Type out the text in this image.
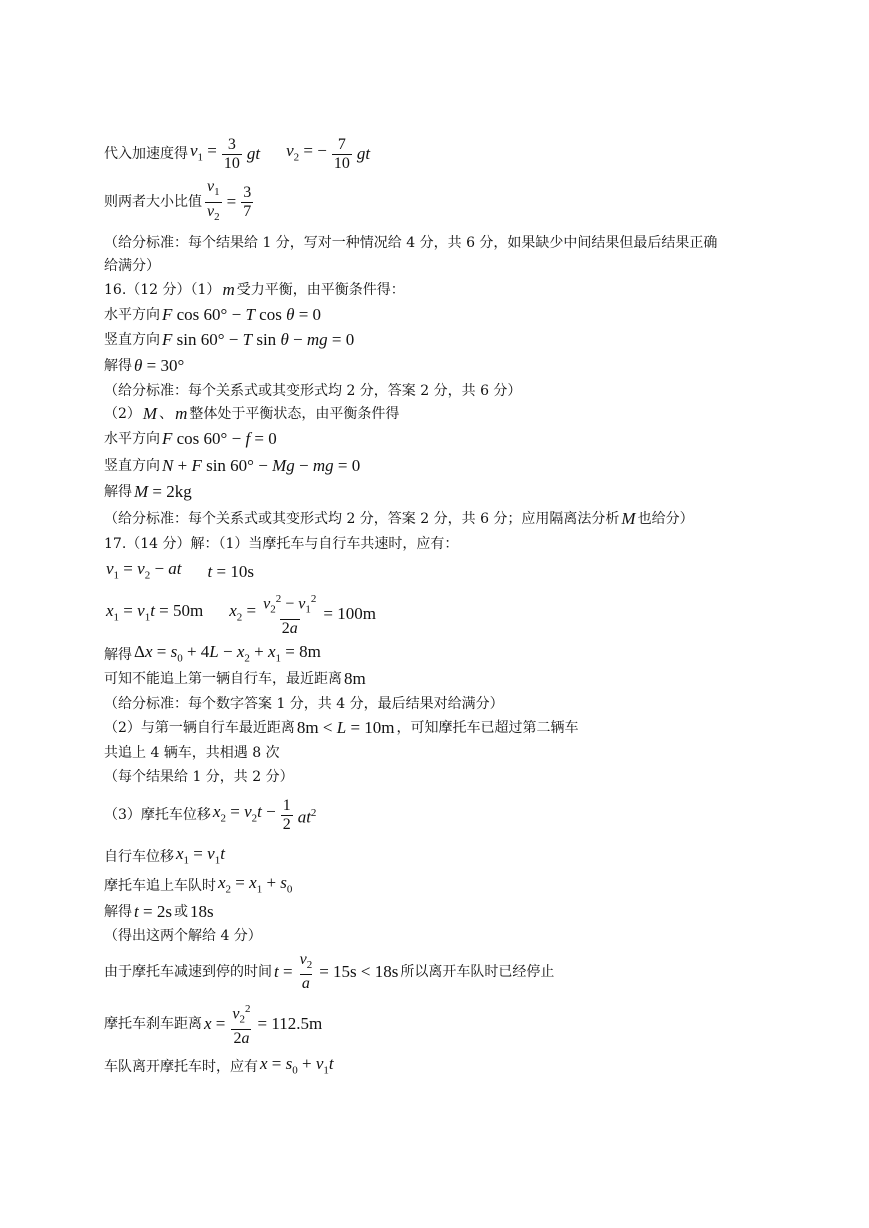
代入加速度得 $v_1 = \frac{3}{10}$ gt $v_2$ = − $\frac{7}{10}$ gt
则两者大小比值 $\frac{v_1}{v_2} = \frac{3}{7}$
（给分标准：每个结果给 1 分，写对一种情况给 4 分，共 6 分，如果缺少中间结果但最后结果正确
给满分）
16.（12 分）（1） m 受力平衡，由平衡条件得：
水平方向 F cos 60° − T cos θ = 0
竖直方向 F sin 60° − T sin θ − mg = 0
解得 θ = 30°
（给分标准：每个关系式或其变形式均 2 分，答案 2 分，共 6 分）
（2） M 、 m 整体处于平衡状态，由平衡条件得
水平方向 F cos 60° − f = 0
竖直方向 N + F sin 60° − Mg − mg = 0
解得 M = 2kg
（给分标准：每个关系式或其变形式均 2 分，答案 2 分，共 6 分；应用隔离法分析 M 也给分）
17.（14 分）解：（1）当摩托车与自行车共速时，应有：
$v_1 = v_2$ − at t = 10s
$x_1 = v_1t = 50m$ $x_2 = \frac{v_2^2 - v_1^2}{2a} = 100m$
解得 $\Delta x = s_0 + 4L - x_2 + x_1 = 8m$
可知不能追上第一辆自行车，最近距离 8m
（给分标准：每个数字答案 1 分，共 4 分，最后结果对给满分）
（2）与第一辆自行车最近距离 8m < L = 10m ，可知摩托车已超过第二辆车
共追上 4 辆车，共相遇 8 次
（每个结果给 1 分，共 2 分）
（3）摩托车位移 $x_2 = v_2t - \frac{1}{2} at^2$
自行车位移 $x_1 = v_1t$
摩托车追上车队时 $x_2 = x_1 + s_0$
解得 t = 2s 或 18s
（得出这两个解给 4 分）
由于摩托车减速到停的时间 $t = \frac{v_2}{a} = 15s < 18s$ 所以离开车队时已经停止
摩托车刹车距离 $x = \frac{v_2^2}{2a} = 112.5m$
车队离开摩托车时，应有 $x = s_0 + v_1t$
